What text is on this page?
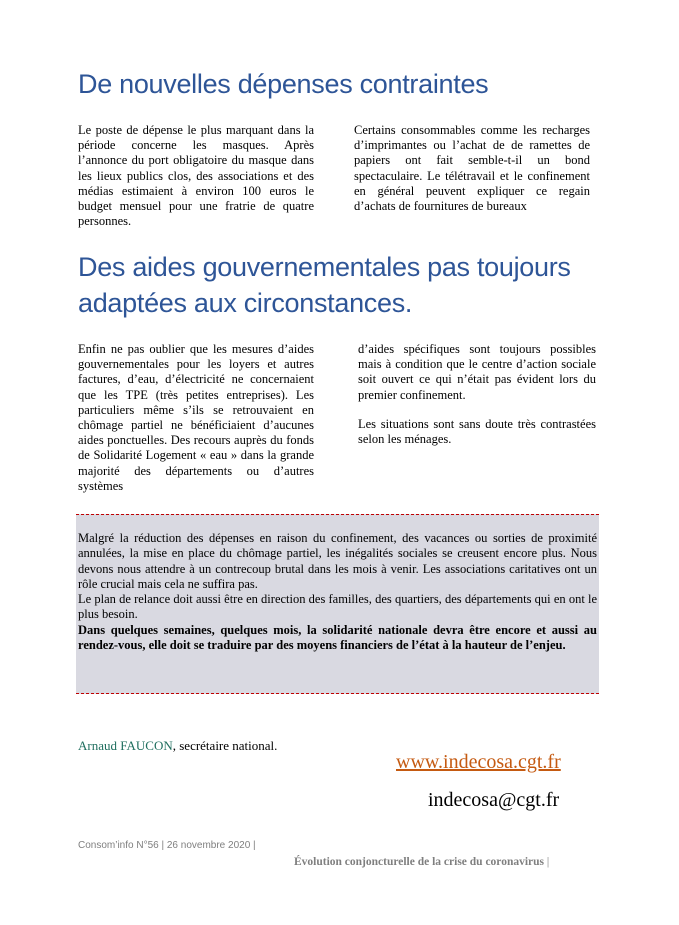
De nouvelles dépenses contraintes

Le poste de dépense le plus marquant dans la période concerne les masques. Après l’annonce du port obligatoire du masque dans les lieux publics clos, des associations et des médias estimaient à environ 100 euros le budget mensuel pour une fratrie de quatre personnes.

Certains consommables comme les recharges d’imprimantes ou l’achat de de ramettes de papiers ont fait semble-t-il un bond spectaculaire. Le télétravail et le confinement en général peuvent expliquer ce regain d’achats de fournitures de bureaux

Des aides gouvernementales pas toujours
adaptées aux circonstances.

Enfin ne pas oublier que les mesures d’aides gouvernementales pour les loyers et autres factures, d’eau, d’électricité ne concernaient que les TPE (très petites entreprises). Les particuliers même s’ils se retrouvaient en chômage partiel ne bénéficiaient d’aucunes aides ponctuelles. Des recours auprès du fonds de Solidarité Logement « eau » dans la grande majorité des départements ou d’autres systèmes

d’aides spécifiques sont toujours possibles mais à condition que le centre d’action sociale soit ouvert ce qui n’était pas évident lors du premier confinement.

Les situations sont sans doute très contrastées selon les ménages.

Malgré la réduction des dépenses en raison du confinement, des vacances ou sorties de proximité annulées, la mise en place du chômage partiel, les inégalités sociales se creusent encore plus. Nous devons nous attendre à un contrecoup brutal dans les mois à venir. Les associations caritatives ont un rôle crucial mais cela ne suffira pas.

Le plan de relance doit aussi être en direction des familles, des quartiers, des départements qui en ont le plus besoin.

Dans quelques semaines, quelques mois, la solidarité nationale devra être encore et aussi au rendez-vous, elle doit se traduire par des moyens financiers de l’état à la hauteur de l’enjeu.

Arnaud FAUCON, secrétaire national.
www.indecosa.cgt.fr
indecosa@cgt.fr
Consom’info N°56 | 26 novembre 2020 |
Évolution conjoncturelle de la crise du coronavirus |
